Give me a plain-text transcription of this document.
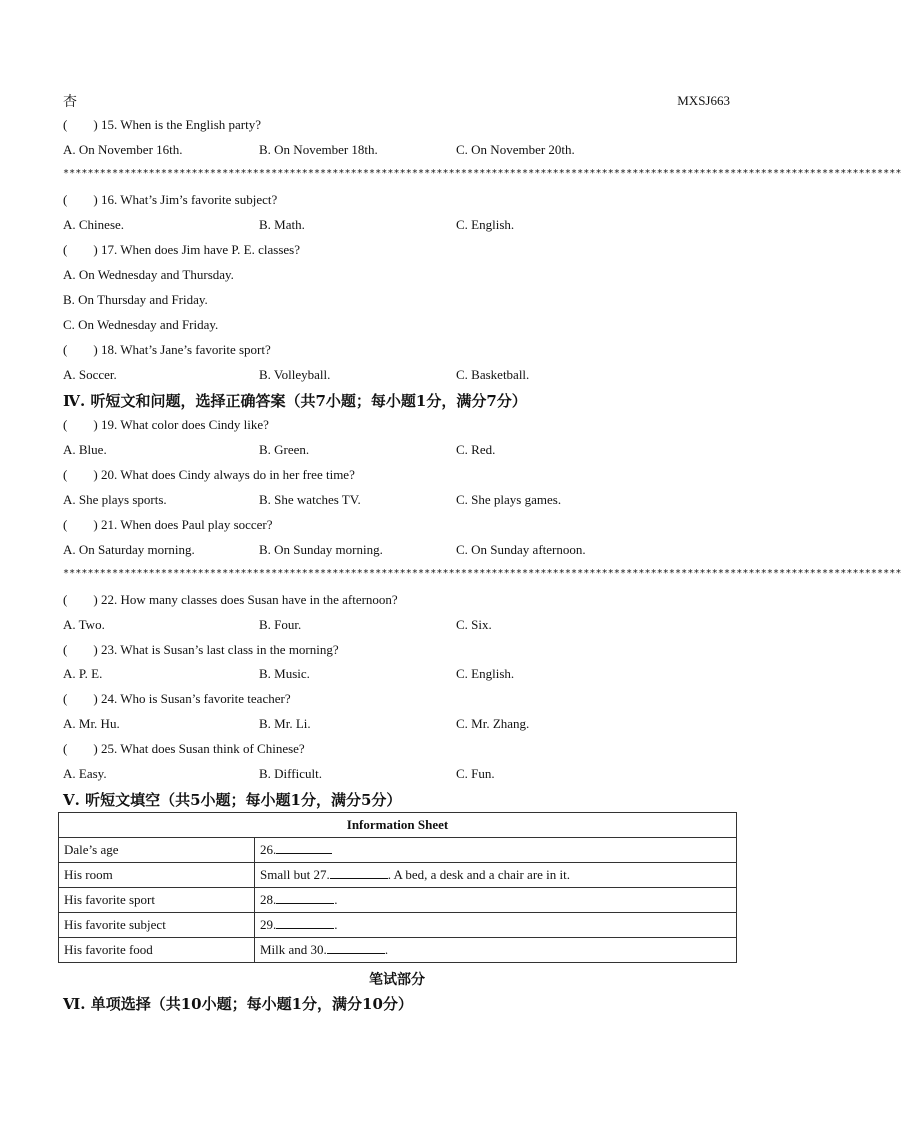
杏	MXSJ663
( ) 15. When is the English party?
A. On November 16th.	B. On November 18th.	C. On November 20th.
*****************************************************************************************************************************************
( ) 16. What’s Jim’s favorite subject?
A. Chinese.	B. Math.	C. English.
( ) 17. When does Jim have P. E. classes?
A. On Wednesday and Thursday.
B. On Thursday and Friday.
C. On Wednesday and Friday.
( ) 18. What’s Jane’s favorite sport?
A. Soccer.	B. Volleyball.	C. Basketball.
Ⅳ. 听短文和问题，选择正确答案（共7小题；每小题1分，满分7分）
( ) 19. What color does Cindy like?
A. Blue.	B. Green.	C. Red.
( ) 20. What does Cindy always do in her free time?
A. She plays sports.	B. She watches TV.	C. She plays games.
( ) 21. When does Paul play soccer?
A. On Saturday morning.	B. On Sunday morning.	C. On Sunday afternoon.
*****************************************************************************************************************************************
( ) 22. How many classes does Susan have in the afternoon?
A. Two.	B. Four.	C. Six.
( ) 23. What is Susan’s last class in the morning?
A. P. E.	B. Music.	C. English.
( ) 24. Who is Susan’s favorite teacher?
A. Mr. Hu.	B. Mr. Li.	C. Mr. Zhang.
( ) 25. What does Susan think of Chinese?
A. Easy.	B. Difficult.	C. Fun.
Ⅴ. 听短文填空（共5小题；每小题1分，满分5分）
Information Sheet	
Dale’s age	26.
His room	Small but 27. . A bed, a desk and a chair are in it.
His favorite sport	28. .
His favorite subject	29. .
His favorite food	Milk and 30. .
笔试部分
Ⅵ. 单项选择（共10小题；每小题1分，满分10分）
